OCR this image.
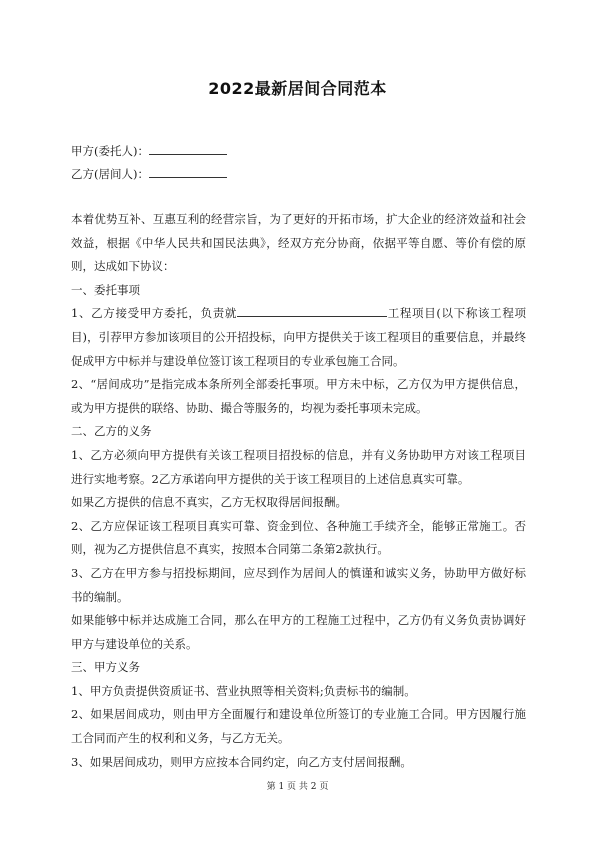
2022最新居间合同范本
甲方(委托人)：
乙方(居间人)：

本着优势互补、互惠互利的经营宗旨，为了更好的开拓市场，扩大企业的经济效益和社会效益，根据《中华人民共和国民法典》，经双方充分协商，依据平等自愿、等价有偿的原则，达成如下协议：

一、委托事项

1、乙方接受甲方委托，负责就	工程项目(以下称该工程项目)，引荐甲方参加该项目的公开招投标，向甲方提供关于该工程项目的重要信息，并最终促成甲方中标并与建设单位签订该工程项目的专业承包施工合同。

2、“居间成功”是指完成本条所列全部委托事项。甲方未中标，乙方仅为甲方提供信息，或为甲方提供的联络、协助、撮合等服务的，均视为委托事项未完成。

二、乙方的义务

1、乙方必须向甲方提供有关该工程项目招投标的信息，并有义务协助甲方对该工程项目进行实地考察。2乙方承诺向甲方提供的关于该工程项目的上述信息真实可靠。

如果乙方提供的信息不真实，乙方无权取得居间报酬。

2、乙方应保证该工程项目真实可靠、资金到位、各种施工手续齐全，能够正常施工。否则，视为乙方提供信息不真实，按照本合同第二条第2款执行。

3、乙方在甲方参与招投标期间，应尽到作为居间人的慎谨和诚实义务，协助甲方做好标书的编制。

如果能够中标并达成施工合同，那么在甲方的工程施工过程中，乙方仍有义务负责协调好甲方与建设单位的关系。

三、甲方义务

1、甲方负责提供资质证书、营业执照等相关资料;负责标书的编制。

2、如果居间成功，则由甲方全面履行和建设单位所签订的专业施工合同。甲方因履行施工合同而产生的权利和义务，与乙方无关。

3、如果居间成功，则甲方应按本合同约定，向乙方支付居间报酬。

第 1 页 共 2 页
